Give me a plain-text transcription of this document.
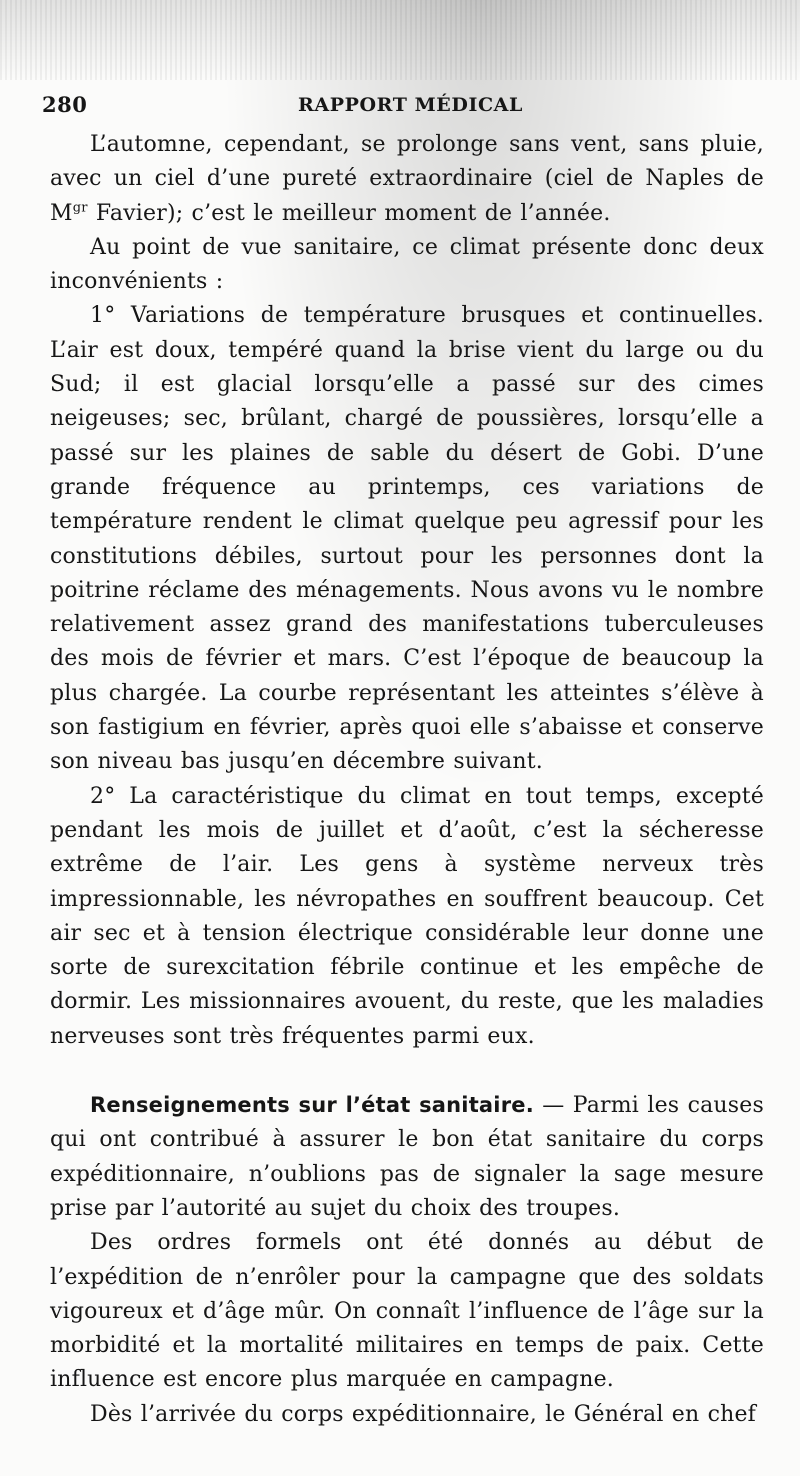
280	RAPPORT MÉDICAL

L’automne, cependant, se prolonge sans vent, sans pluie, avec un ciel d’une pureté extraordinaire (ciel de Naples de $M^{gr}$ Favier); c’est le meilleur moment de l’année.

Au point de vue sanitaire, ce climat présente donc deux inconvénients :

1° Variations de température brusques et continuelles. L’air est doux, tempéré quand la brise vient du large ou du Sud; il est glacial lorsqu’elle a passé sur des cimes neigeuses; sec, brûlant, chargé de poussières, lorsqu’elle a passé sur les plaines de sable du désert de Gobi. D’une grande fréquence au printemps, ces variations de température rendent le climat quelque peu agressif pour les constitutions débiles, surtout pour les personnes dont la poitrine réclame des ménagements. Nous avons vu le nombre relativement assez grand des manifestations tuberculeuses des mois de février et mars. C’est l’époque de beaucoup la plus chargée. La courbe représentant les atteintes s’élève à son fastigium en février, après quoi elle s’abaisse et conserve son niveau bas jusqu’en décembre suivant.

2° La caractéristique du climat en tout temps, excepté pendant les mois de juillet et d’août, c’est la sécheresse extrême de l’air. Les gens à système nerveux très impressionnable, les névropathes en souffrent beaucoup. Cet air sec et à tension électrique considérable leur donne une sorte de surexcitation fébrile continue et les empêche de dormir. Les missionnaires avouent, du reste, que les maladies nerveuses sont très fréquentes parmi eux.

Renseignements sur l’état sanitaire. — Parmi les causes qui ont contribué à assurer le bon état sanitaire du corps expéditionnaire, n’oublions pas de signaler la sage mesure prise par l’autorité au sujet du choix des troupes.

Des ordres formels ont été donnés au début de l’expédition de n’enrôler pour la campagne que des soldats vigoureux et d’âge mûr. On connaît l’influence de l’âge sur la morbidité et la mortalité militaires en temps de paix. Cette influence est encore plus marquée en campagne.

Dès l’arrivée du corps expéditionnaire, le Général en chef
